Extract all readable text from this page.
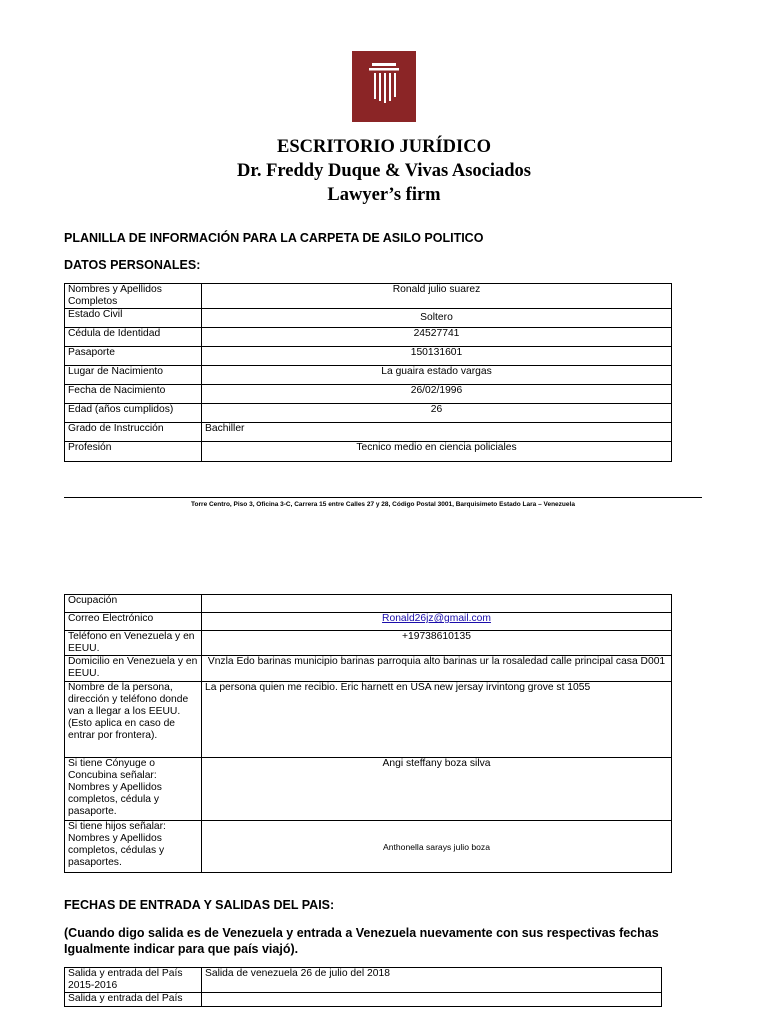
ESCRITORIO JURÍDICO
Dr. Freddy Duque & Vivas Asociados
Lawyer’s firm
PLANILLA DE INFORMACIÓN PARA LA CARPETA DE ASILO POLITICO
DATOS PERSONALES:
Nombres y Apellidos Completos	Ronald julio suarez
Estado Civil	Soltero
Cédula de Identidad	24527741
Pasaporte	150131601
Lugar de Nacimiento	La guaira estado vargas
Fecha de Nacimiento	26/02/1996
Edad (años cumplidos)	26
Grado de Instrucción	Bachiller
Profesión	Tecnico medio en ciencia policiales
Torre Centro, Piso 3, Oficina 3-C, Carrera 15 entre Calles 27 y 28, Código Postal 3001, Barquisimeto Estado Lara – Venezuela
Ocupación	
Correo Electrónico	Ronald26jz@gmail.com
Teléfono en Venezuela y en EEUU.	+19738610135
Domicilio en Venezuela y en EEUU.	Vnzla Edo barinas municipio barinas parroquia alto barinas ur la rosaledad calle principal casa D001
Nombre de la persona, dirección y teléfono donde van a llegar a los EEUU. (Esto aplica en caso de entrar por frontera).	La persona quien me recibio. Eric harnett en USA new jersay irvintong grove st 1055
Si tiene Cónyuge o Concubina señalar: Nombres y Apellidos completos, cédula y pasaporte.	Angi steffany boza silva
Si tiene hijos señalar: Nombres y Apellidos completos, cédulas y pasaportes.	Anthonella sarays julio boza
FECHAS DE ENTRADA Y SALIDAS DEL PAIS:
(Cuando digo salida es de Venezuela y entrada a Venezuela nuevamente con sus respectivas fechas Igualmente indicar para que país viajó).
Salida y entrada del País 2015-2016	Salida de venezuela 26 de julio del 2018
Salida y entrada del País	
